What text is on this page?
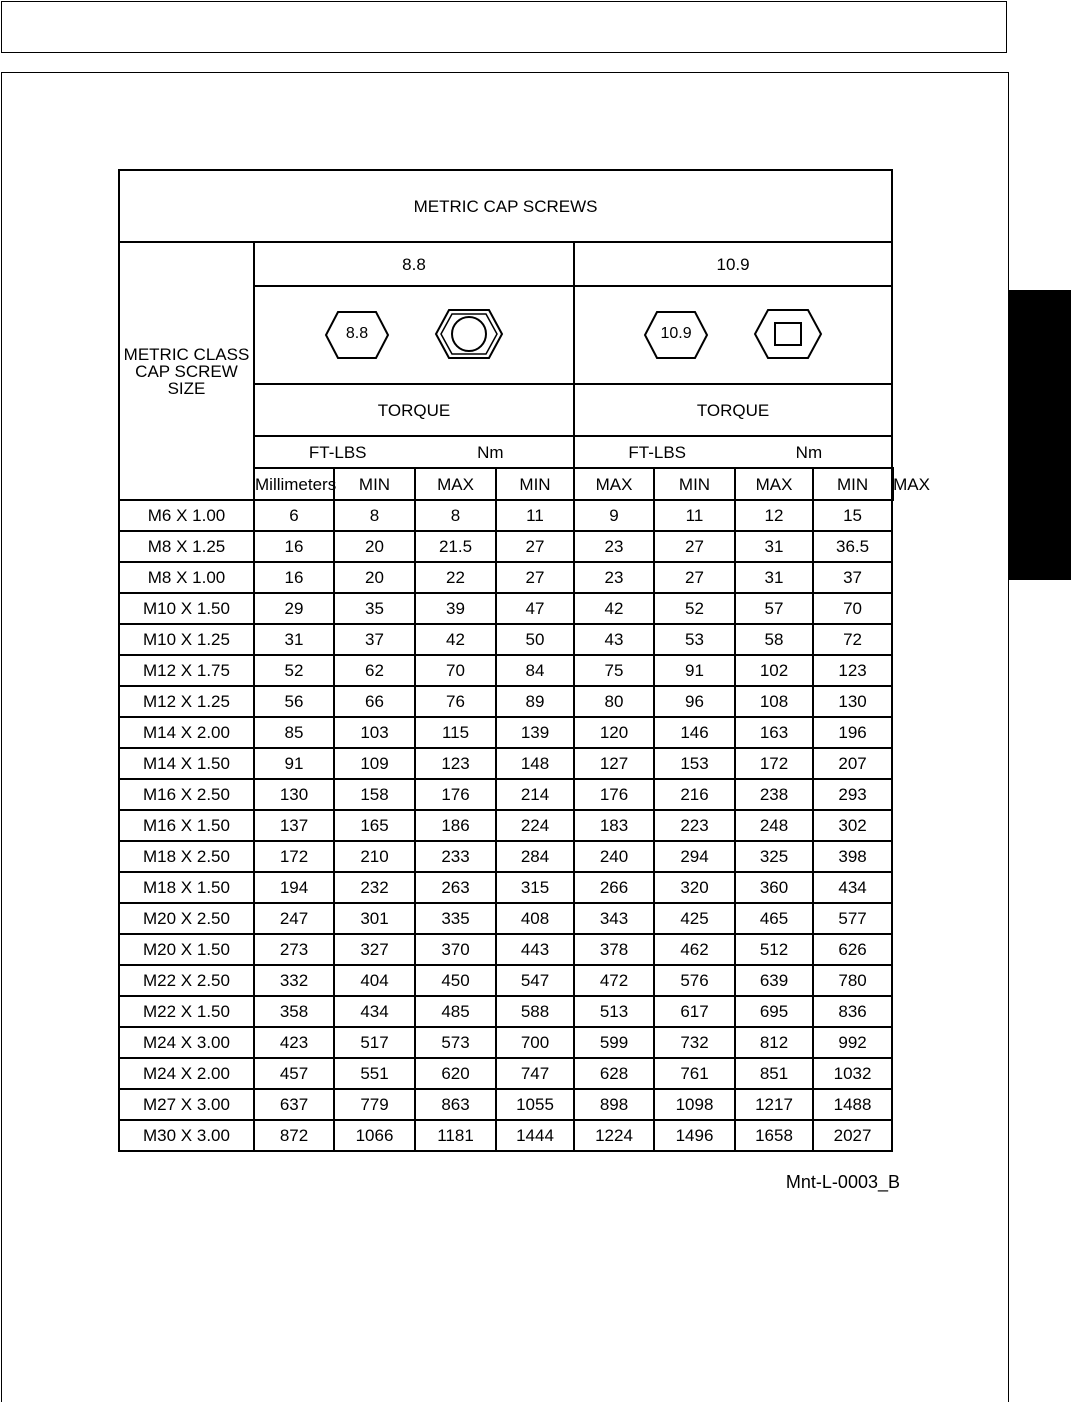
METRIC CAP SCREWS									

METRIC CLASS
CAP SCREW
SIZE	8.8				10.9				

	8.8				10.9				

	TORQUE				TORQUE				
	FT-LBS Nm				FT-LBS Nm				
	Millimeters	MIN	MAX	MIN	MAX	MIN	MAX	MIN	MAX
M6 X 1.00	6	8	8	11	9	11	12	15	
M8 X 1.25	16	20	21.5	27	23	27	31	36.5	
M8 X 1.00	16	20	22	27	23	27	31	37	
M10 X 1.50	29	35	39	47	42	52	57	70	
M10 X 1.25	31	37	42	50	43	53	58	72	
M12 X 1.75	52	62	70	84	75	91	102	123	
M12 X 1.25	56	66	76	89	80	96	108	130	
M14 X 2.00	85	103	115	139	120	146	163	196	
M14 X 1.50	91	109	123	148	127	153	172	207	
M16 X 2.50	130	158	176	214	176	216	238	293	
M16 X 1.50	137	165	186	224	183	223	248	302	
M18 X 2.50	172	210	233	284	240	294	325	398	
M18 X 1.50	194	232	263	315	266	320	360	434	
M20 X 2.50	247	301	335	408	343	425	465	577	
M20 X 1.50	273	327	370	443	378	462	512	626	
M22 X 2.50	332	404	450	547	472	576	639	780	
M22 X 1.50	358	434	485	588	513	617	695	836	
M24 X 3.00	423	517	573	700	599	732	812	992	
M24 X 2.00	457	551	620	747	628	761	851	1032	
M27 X 3.00	637	779	863	1055	898	1098	1217	1488	
M30 X 3.00	872	1066	1181	1444	1224	1496	1658	2027	
Mnt-L-0003_B
